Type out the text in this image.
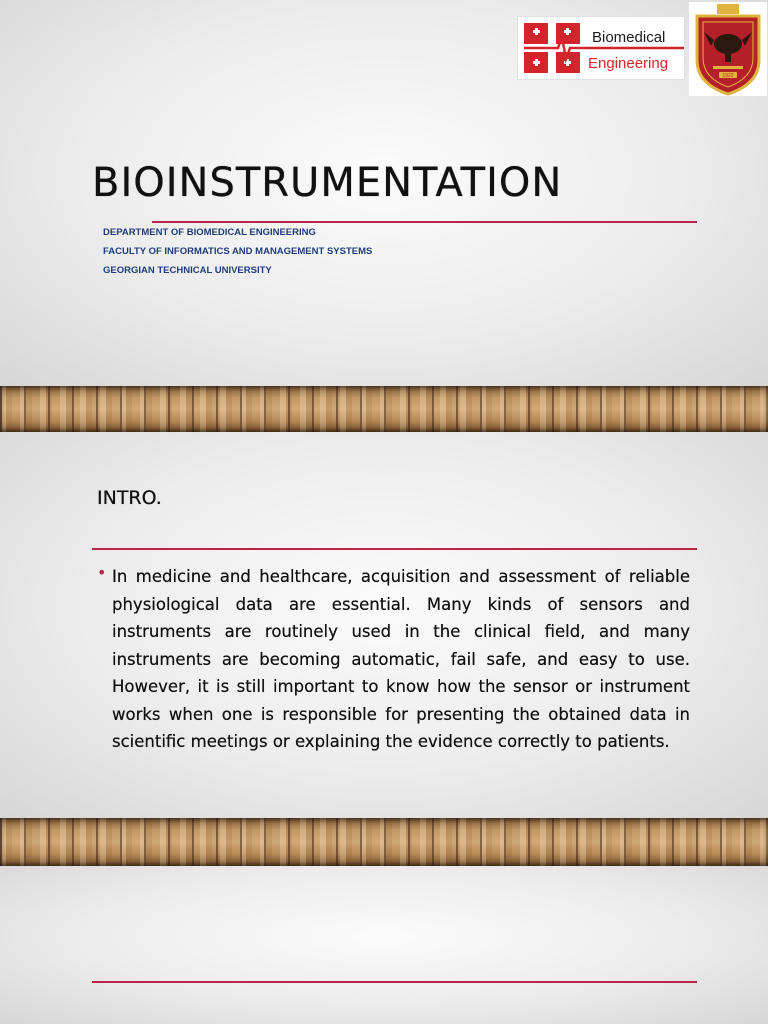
Biomedical
Engineering
1922
BIOINSTRUMENTATION
DEPARTMENT OF BIOMEDICAL ENGINEERING
FACULTY OF INFORMATICS AND MANAGEMENT SYSTEMS
GEORGIAN TECHNICAL UNIVERSITY
INTRO.
• In medicine and healthcare, acquisition and assessment of reliable physiological data are essential. Many kinds of sensors and instruments are routinely used in the clinical field, and many instruments are becoming automatic, fail safe, and easy to use. However, it is still important to know how the sensor or instrument works when one is responsible for presenting the obtained data in scientific meetings or explaining the evidence correctly to patients.
